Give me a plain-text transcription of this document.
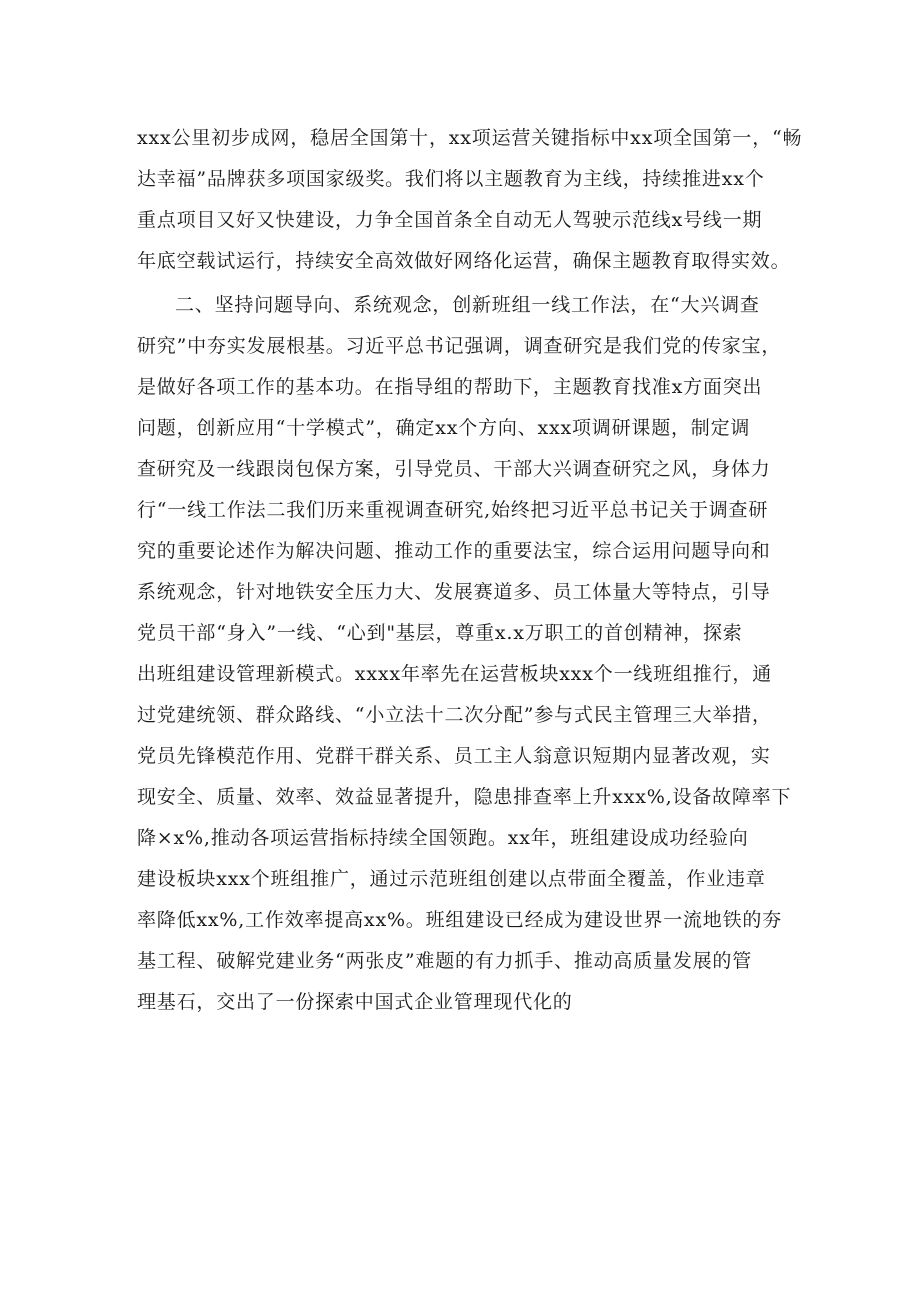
xxx公里初步成网，稳居全国第十，xx项运营关键指标中xx项全国第一，“畅
达幸福”品牌获多项国家级奖。我们将以主题教育为主线，持续推进xx个
重点项目又好又快建设，力争全国首条全自动无人驾驶示范线x号线一期
年底空载试运行，持续安全高效做好网络化运营，确保主题教育取得实效。
二、坚持问题导向、系统观念，创新班组一线工作法，在“大兴调查
研究”中夯实发展根基。习近平总书记强调，调查研究是我们党的传家宝，
是做好各项工作的基本功。在指导组的帮助下，主题教育找准x方面突出
问题，创新应用“十学模式”，确定xx个方向、xxx项调研课题，制定调
查研究及一线跟岗包保方案，引导党员、干部大兴调查研究之风，身体力
行“一线工作法二我们历来重视调查研究,始终把习近平总书记关于调查研
究的重要论述作为解决问题、推动工作的重要法宝，综合运用问题导向和
系统观念，针对地铁安全压力大、发展赛道多、员工体量大等特点，引导
党员干部“身入”一线、“心到"基层，尊重x.x万职工的首创精神，探索
出班组建设管理新模式。xxxx年率先在运营板块xxx个一线班组推行，通
过党建统领、群众路线、“小立法十二次分配”参与式民主管理三大举措，
党员先锋模范作用、党群干群关系、员工主人翁意识短期内显著改观，实
现安全、质量、效率、效益显著提升，隐患排查率上升xxx%,设备故障率下
降×x%,推动各项运营指标持续全国领跑。xx年，班组建设成功经验向
建设板块xxx个班组推广，通过示范班组创建以点带面全覆盖，作业违章
率降低xx%,工作效率提高xx%。班组建设已经成为建设世界一流地铁的夯
基工程、破解党建业务“两张皮”难题的有力抓手、推动高质量发展的管
理基石，交出了一份探索中国式企业管理现代化的
